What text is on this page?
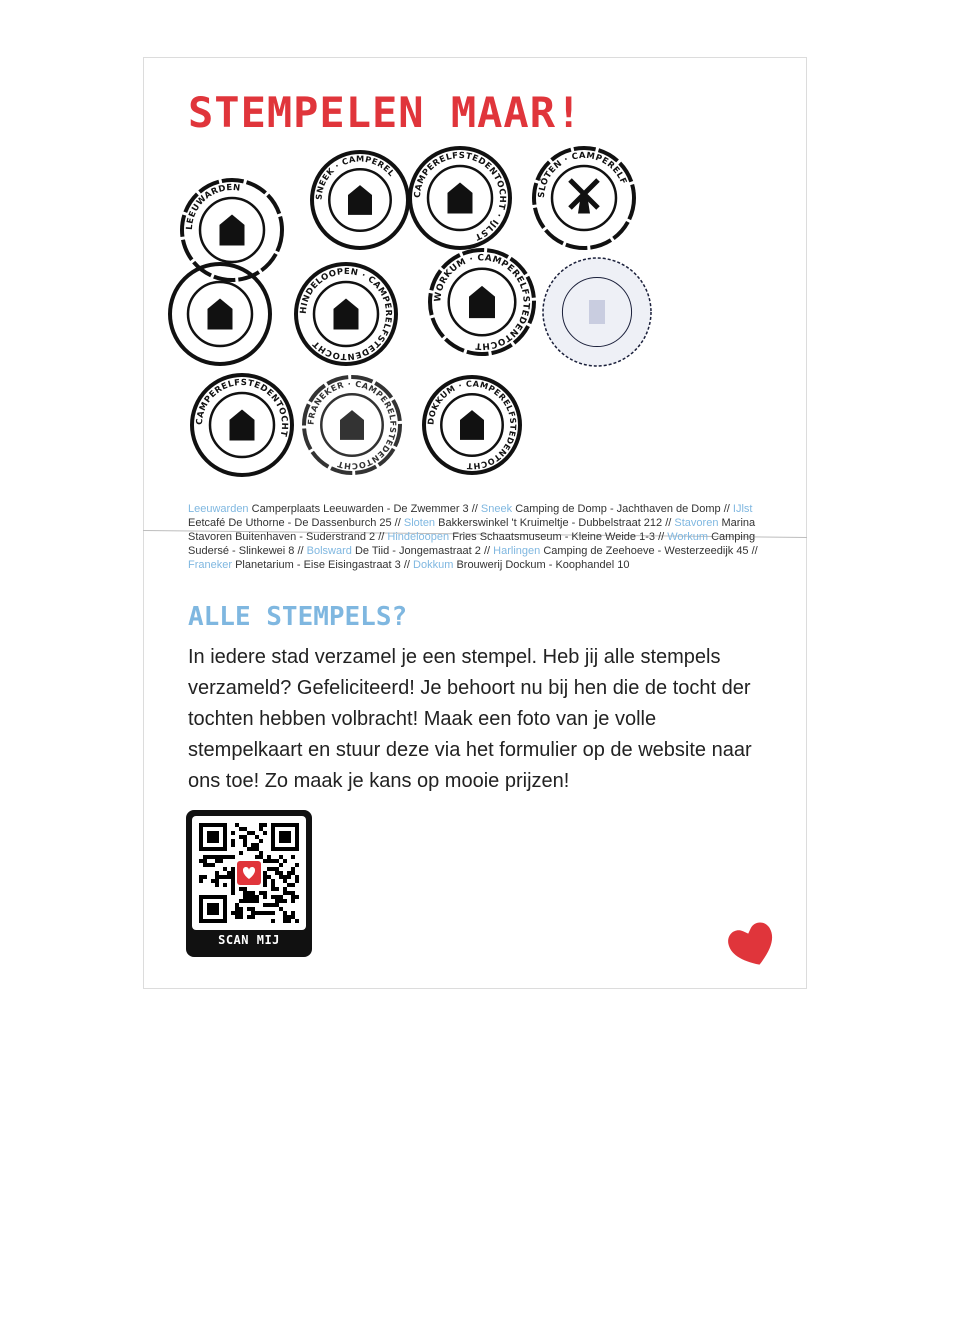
STEMPELEN MAAR!
LEEUWARDEN
SNEEK · CAMPEREL
CAMPERELFSTEDENTOCHT · IJLST
SLÔTEN · CAMPERELF
HINDELOOPEN · CAMPERELFSTEDENTOCHT
WORKUM · CAMPERELFSTEDENTOCHT
CAMPERELFSTEDENTOCHT
FRANEKER · CAMPERELFSTEDENTOCHT
DOKKUM · CAMPERELFSTEDENTOCHT
Leeuwarden Camperplaats Leeuwarden - De Zwemmer 3 // Sneek Camping de Domp - Jachthaven de Domp // IJlst Eetcafé De Uthorne - De Dassenburch 25 // Sloten Bakkerswinkel 't Kruimeltje - Dubbelstraat 212 // Stavoren Marina Stavoren Buitenhaven - Suderstrand 2 // Hindeloopen Fries Schaatsmuseum - Kleine Weide 1-3 // Workum Camping Sudersé - Slinkewei 8 // Bolsward De Tiid - Jongemastraat 2 // Harlingen Camping de Zeehoeve - Westerzeedijk 45 // Franeker Planetarium - Eise Eisingastraat 3 // Dokkum Brouwerij Dockum - Koophandel 10
ALLE STEMPELS?

In iedere stad verzamel je een stempel. Heb jij alle stempels verzameld? Gefeliciteerd! Je behoort nu bij hen die de tocht der tochten hebben volbracht! Maak een foto van je volle stempelkaart en stuur deze via het formulier op de website naar ons toe! Zo maak je kans op mooie prijzen!

SCAN MIJ
